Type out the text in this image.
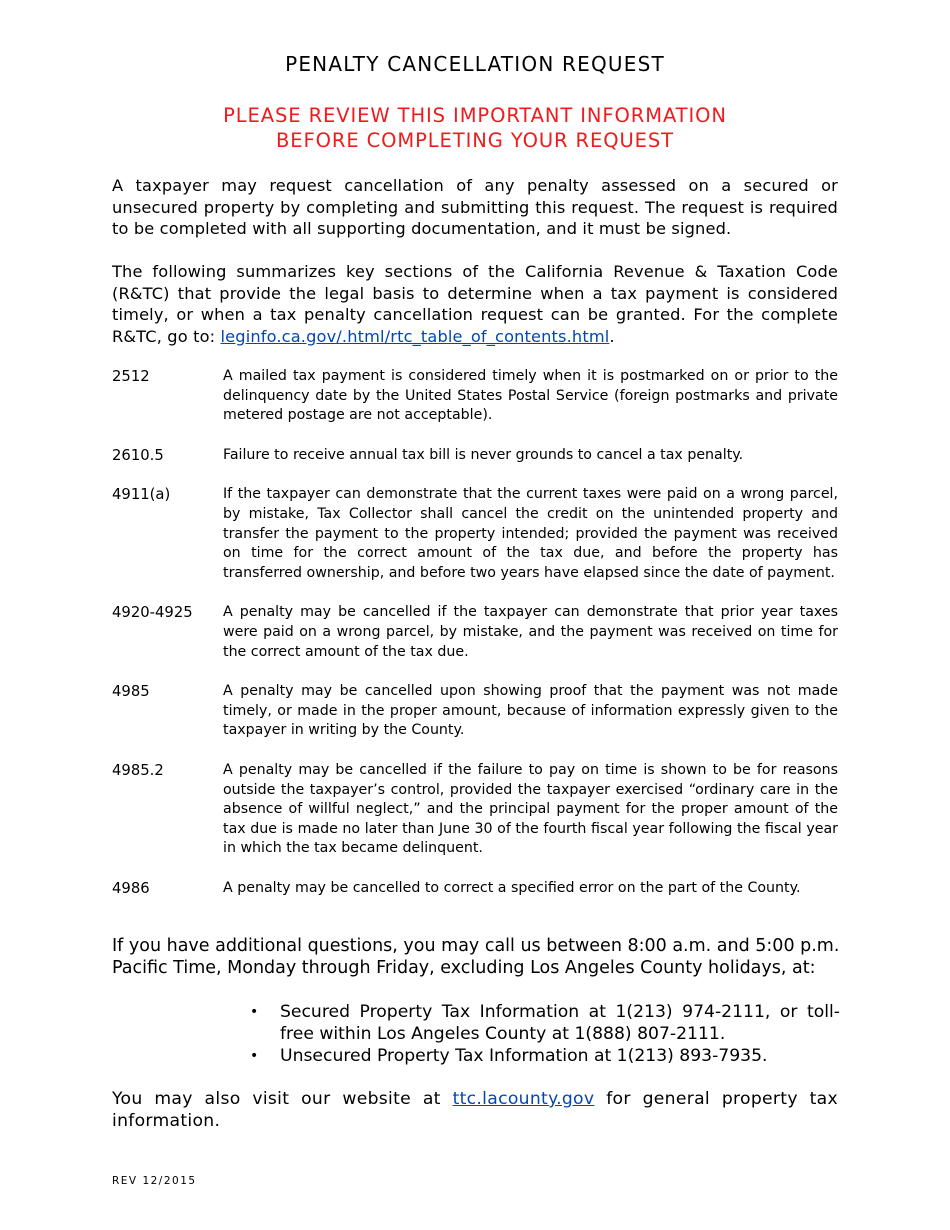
PENALTY CANCELLATION REQUEST
PLEASE REVIEW THIS IMPORTANT INFORMATION
BEFORE COMPLETING YOUR REQUEST
A taxpayer may request cancellation of any penalty assessed on a secured or unsecured property by completing and submitting this request. The request is required to be completed with all supporting documentation, and it must be signed.
The following summarizes key sections of the California Revenue & Taxation Code (R&TC) that provide the legal basis to determine when a tax payment is considered timely, or when a tax penalty cancellation request can be granted. For the complete R&TC, go to: leginfo.ca.gov/.html/rtc_table_of_contents.html.
2512	A mailed tax payment is considered timely when it is postmarked on or prior to the delinquency date by the United States Postal Service (foreign postmarks and private metered postage are not acceptable).
2610.5	Failure to receive annual tax bill is never grounds to cancel a tax penalty.
4911(a)	If the taxpayer can demonstrate that the current taxes were paid on a wrong parcel, by mistake, Tax Collector shall cancel the credit on the unintended property and transfer the payment to the property intended; provided the payment was received on time for the correct amount of the tax due, and before the property has transferred ownership, and before two years have elapsed since the date of payment.
4920-4925	A penalty may be cancelled if the taxpayer can demonstrate that prior year taxes were paid on a wrong parcel, by mistake, and the payment was received on time for the correct amount of the tax due.
4985	A penalty may be cancelled upon showing proof that the payment was not made timely, or made in the proper amount, because of information expressly given to the taxpayer in writing by the County.
4985.2	A penalty may be cancelled if the failure to pay on time is shown to be for reasons outside the taxpayer’s control, provided the taxpayer exercised “ordinary care in the absence of willful neglect,” and the principal payment for the proper amount of the tax due is made no later than June 30 of the fourth fiscal year following the fiscal year in which the tax became delinquent.
4986	A penalty may be cancelled to correct a specified error on the part of the County.
If you have additional questions, you may call us between 8:00 a.m. and 5:00 p.m. Pacific Time, Monday through Friday, excluding Los Angeles County holidays, at:
•	Secured Property Tax Information at 1(213) 974-2111, or toll-free within Los Angeles County at 1(888) 807-2111.
•	Unsecured Property Tax Information at 1(213) 893-7935.
You may also visit our website at ttc.lacounty.gov for general property tax information.
REV 12/2015
